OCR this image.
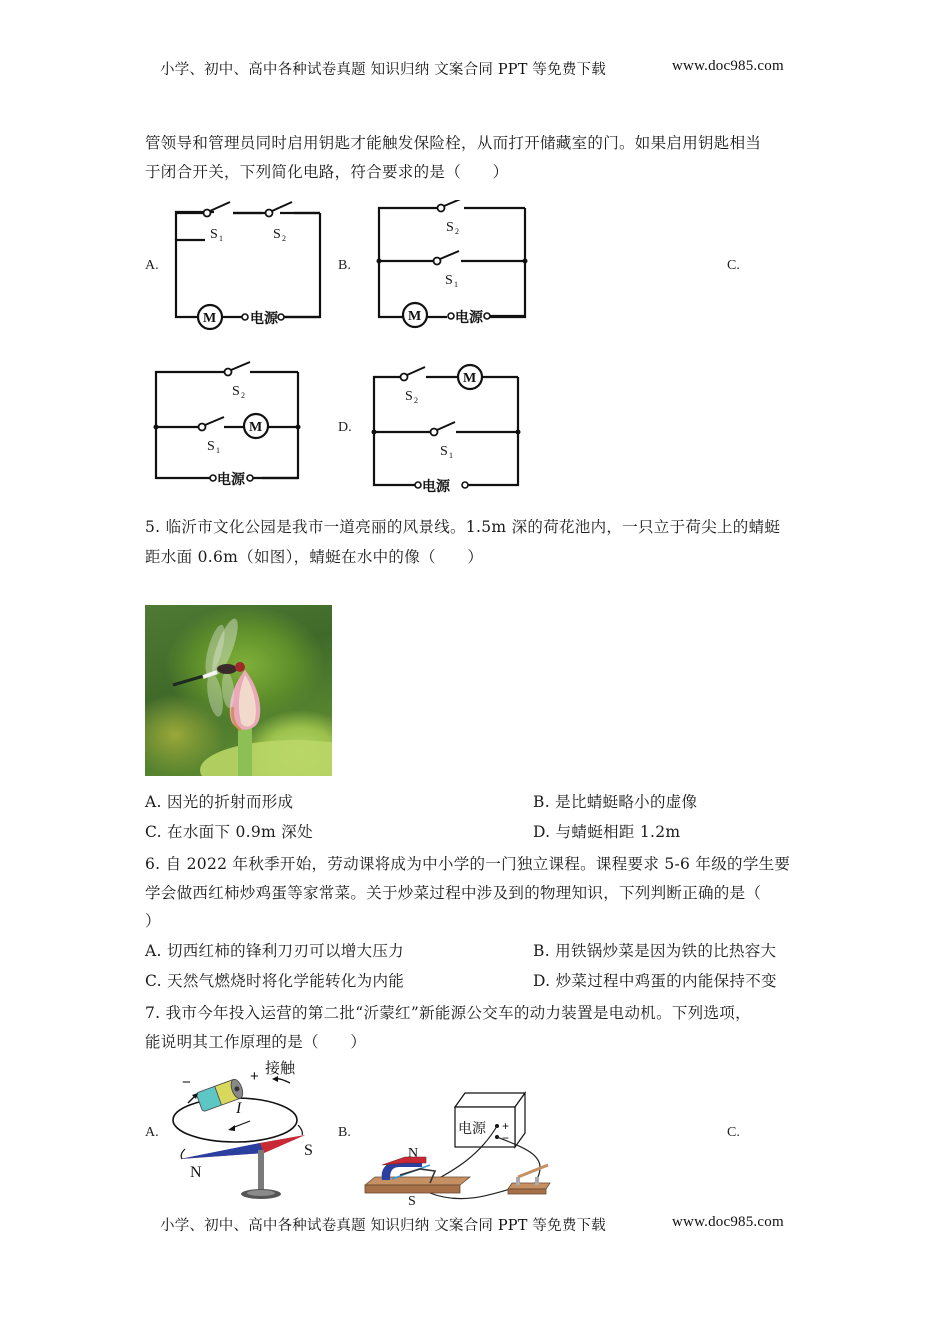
小学、初中、高中各种试卷真题 知识归纳 文案合同 PPT 等免费下载	www.doc985.com
管领导和管理员同时启用钥匙才能触发保险栓，从而打开储藏室的门。如果启用钥匙相当
于闭合开关，下列简化电路，符合要求的是（　　）
A.
S 1	S 2
M 电源
B.
S 2
S 1
M 电源
C.
S 2
S 1
M
电源
D.
S 2
M
S 1
电源
5. 临沂市文化公园是我市一道亮丽的风景线。1.5m 深的荷花池内，一只立于荷尖上的蜻蜓
距水面 0.6m（如图），蜻蜓在水中的像（　　）
A. 因光的折射而形成	B. 是比蜻蜓略小的虚像
C. 在水面下 0.9m 深处	D. 与蜻蜓相距 1.2m
6. 自 2022 年秋季开始，劳动课将成为中小学的一门独立课程。课程要求 5-6 年级的学生要
学会做西红柿炒鸡蛋等家常菜。关于炒菜过程中涉及到的物理知识，下列判断正确的是（
）
A. 切西红柿的锋利刀刃可以增大压力	B. 用铁锅炒菜是因为铁的比热容大
C. 天然气燃烧时将化学能转化为内能	D. 炒菜过程中鸡蛋的内能保持不变
7. 我市今年投入运营的第二批“沂蒙红”新能源公交车的动力装置是电动机。下列选项，
能说明其工作原理的是（　　）
A.
−	+ 接触
I
S
N
B.	电源 +
−
N
S
C.
小学、初中、高中各种试卷真题 知识归纳 文案合同 PPT 等免费下载	www.doc985.com
